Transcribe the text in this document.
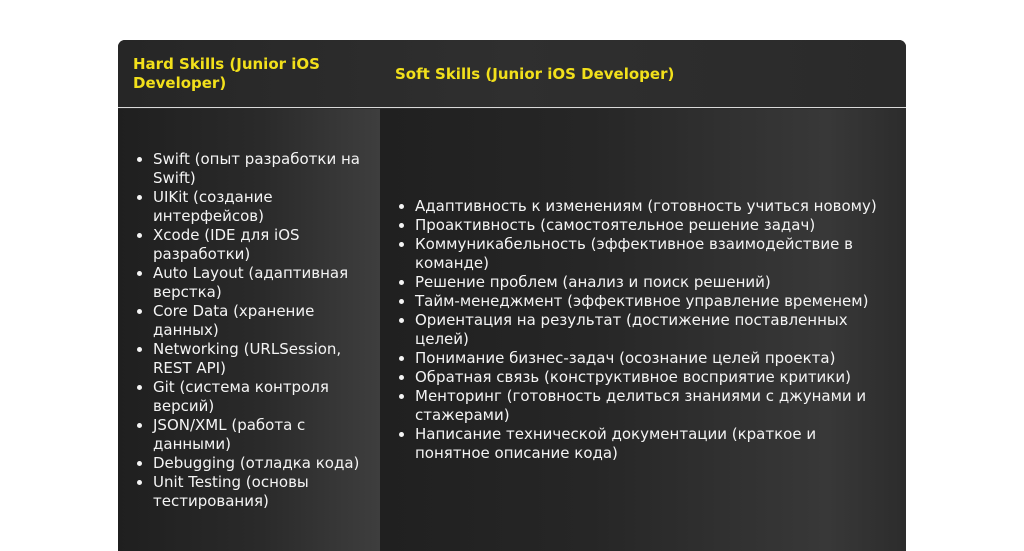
Hard Skills (Junior iOS Developer)
Soft Skills (Junior iOS Developer)
Swift (опыт разработки на Swift)
UIKit (создание интерфейсов)
Xcode (IDE для iOS разработки)
Auto Layout (адаптивная верстка)
Core Data (хранение данных)
Networking (URLSession, REST API)
Git (система контроля версий)
JSON/XML (работа с данными)
Debugging (отладка кода)
Unit Testing (основы тестирования)
Адаптивность к изменениям (готовность учиться новому)
Проактивность (самостоятельное решение задач)
Коммуникабельность (эффективное взаимодействие в команде)
Решение проблем (анализ и поиск решений)
Тайм-менеджмент (эффективное управление временем)
Ориентация на результат (достижение поставленных целей)
Понимание бизнес-задач (осознание целей проекта)
Обратная связь (конструктивное восприятие критики)
Менторинг (готовность делиться знаниями с джунами и стажерами)
Написание технической документации (краткое и понятное описание кода)
